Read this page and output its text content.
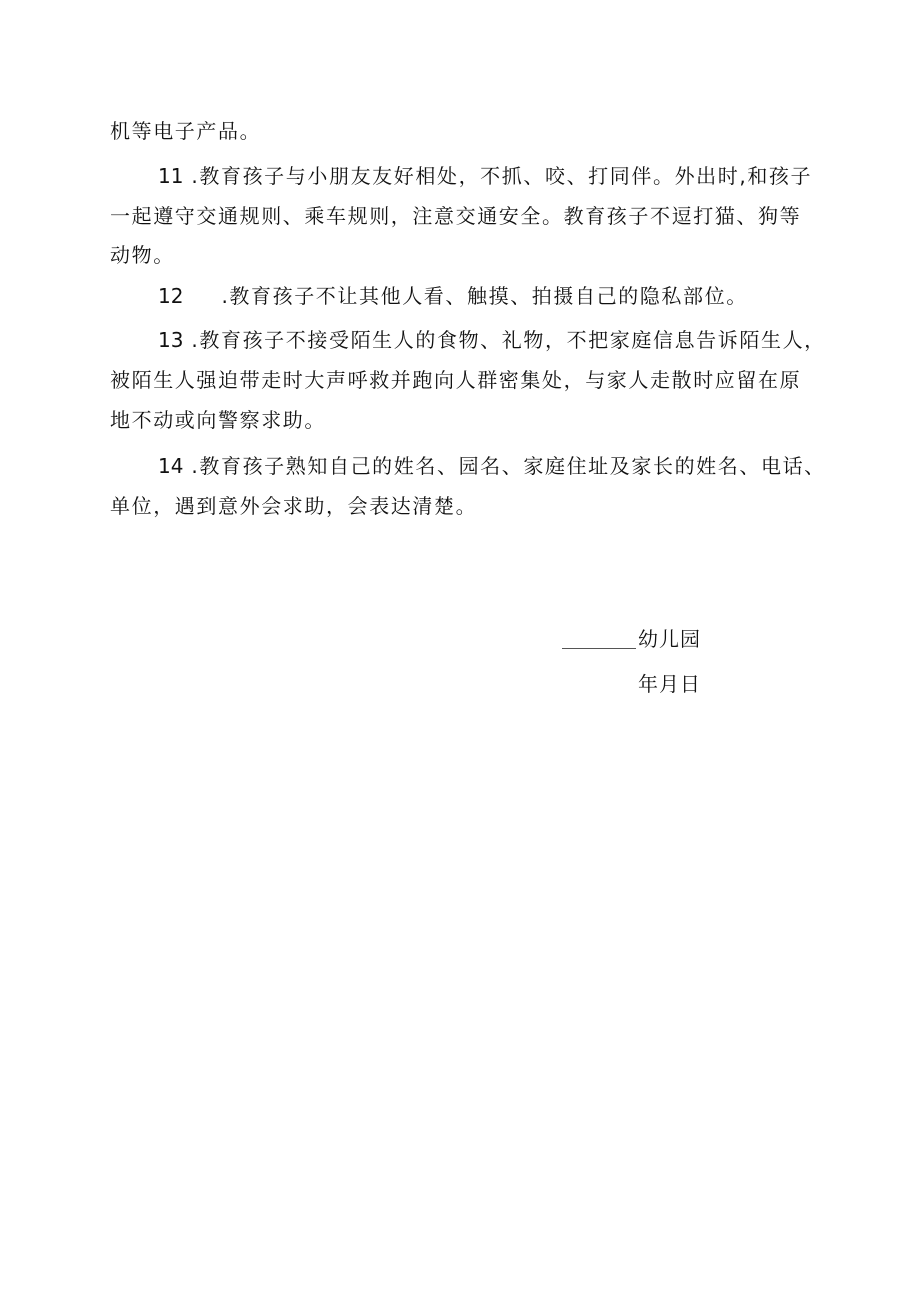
机等电子产品。
11 .教育孩子与小朋友友好相处，不抓、咬、打同伴。外出时,和孩子
一起遵守交通规则、乘车规则，注意交通安全。教育孩子不逗打猫、狗等
动物。
12 .教育孩子不让其他人看、触摸、拍摄自己的隐私部位。
13 .教育孩子不接受陌生人的食物、礼物，不把家庭信息告诉陌生人，
被陌生人强迫带走时大声呼救并跑向人群密集处，与家人走散时应留在原
地不动或向警察求助。
14 .教育孩子熟知自己的姓名、园名、家庭住址及家长的姓名、电话、
单位，遇到意外会求助，会表达清楚。
幼儿园
年月日
